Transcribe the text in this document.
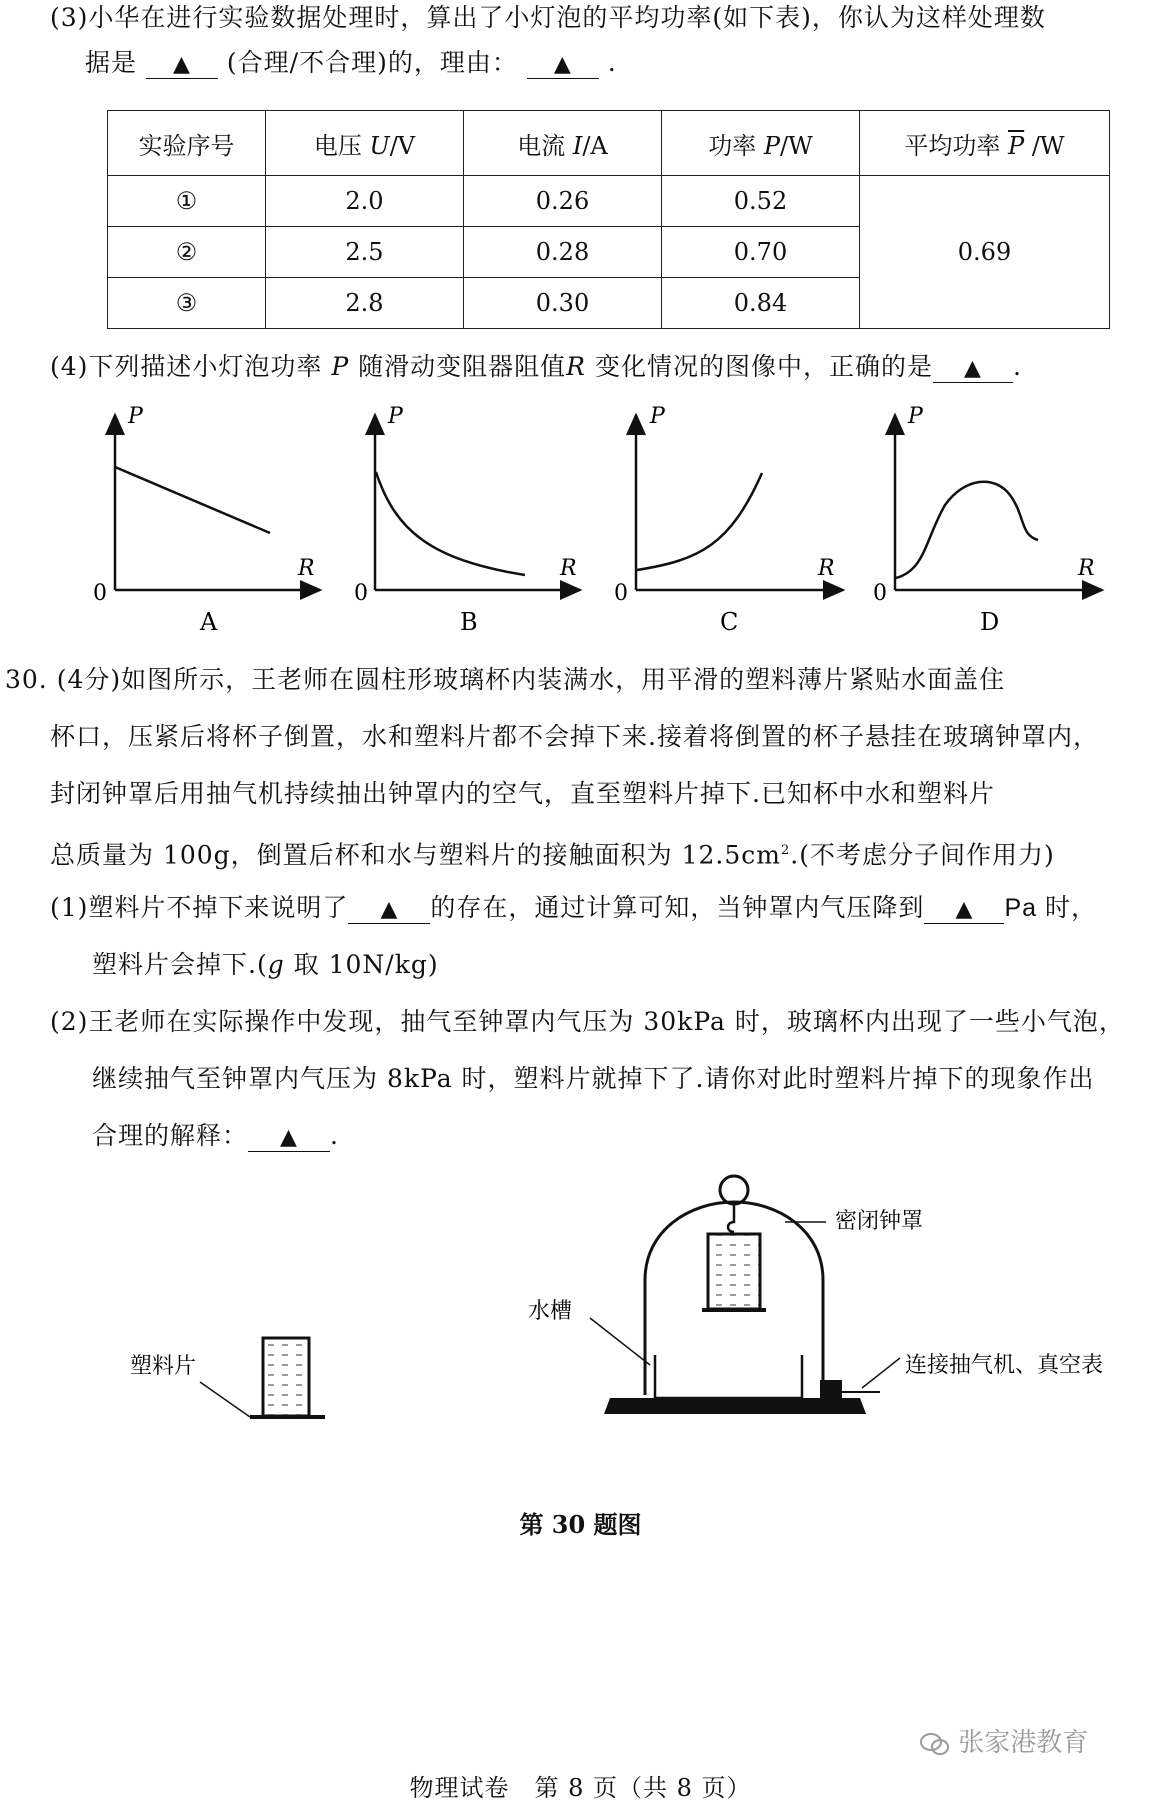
(3)小华在进行实验数据处理时，算出了小灯泡的平均功率(如下表)，你认为这样处理数
据是 ▲ (合理/不合理)的，理由： ▲ .
实验序号	电压 U/V	电流 I/A	功率 P/W	平均功率 $\overline{P}$ /W
①	2.0	0.26	0.52	0.69
②	2.5	0.28	0.70	
③	2.8	0.30	0.84	
(4)下列描述小灯泡功率 P 随滑动变阻器阻值R 变化情况的图像中，正确的是 ▲ .
P
R
0
A
P
R
0
B
P
R
0
C
P
R
0
D
30. (4分)如图所示，王老师在圆柱形玻璃杯内装满水，用平滑的塑料薄片紧贴水面盖住
杯口，压紧后将杯子倒置，水和塑料片都不会掉下来.接着将倒置的杯子悬挂在玻璃钟罩内，
封闭钟罩后用抽气机持续抽出钟罩内的空气，直至塑料片掉下.已知杯中水和塑料片
总质量为 100g，倒置后杯和水与塑料片的接触面积为 $12.5cm^2$.(不考虑分子间作用力)
(1)塑料片不掉下来说明了 ▲ 的存在，通过计算可知，当钟罩内气压降到 ▲ Pa 时，
塑料片会掉下.(g 取 10N/kg)
(2)王老师在实际操作中发现，抽气至钟罩内气压为 30kPa 时，玻璃杯内出现了一些小气泡，
继续抽气至钟罩内气压为 8kPa 时，塑料片就掉下了.请你对此时塑料片掉下的现象作出
合理的解释： ▲ .
塑料片
密闭钟罩
水槽
连接抽气机、真空表
第 30 题图
张家港教育
物理试卷　第 8 页（共 8 页）
